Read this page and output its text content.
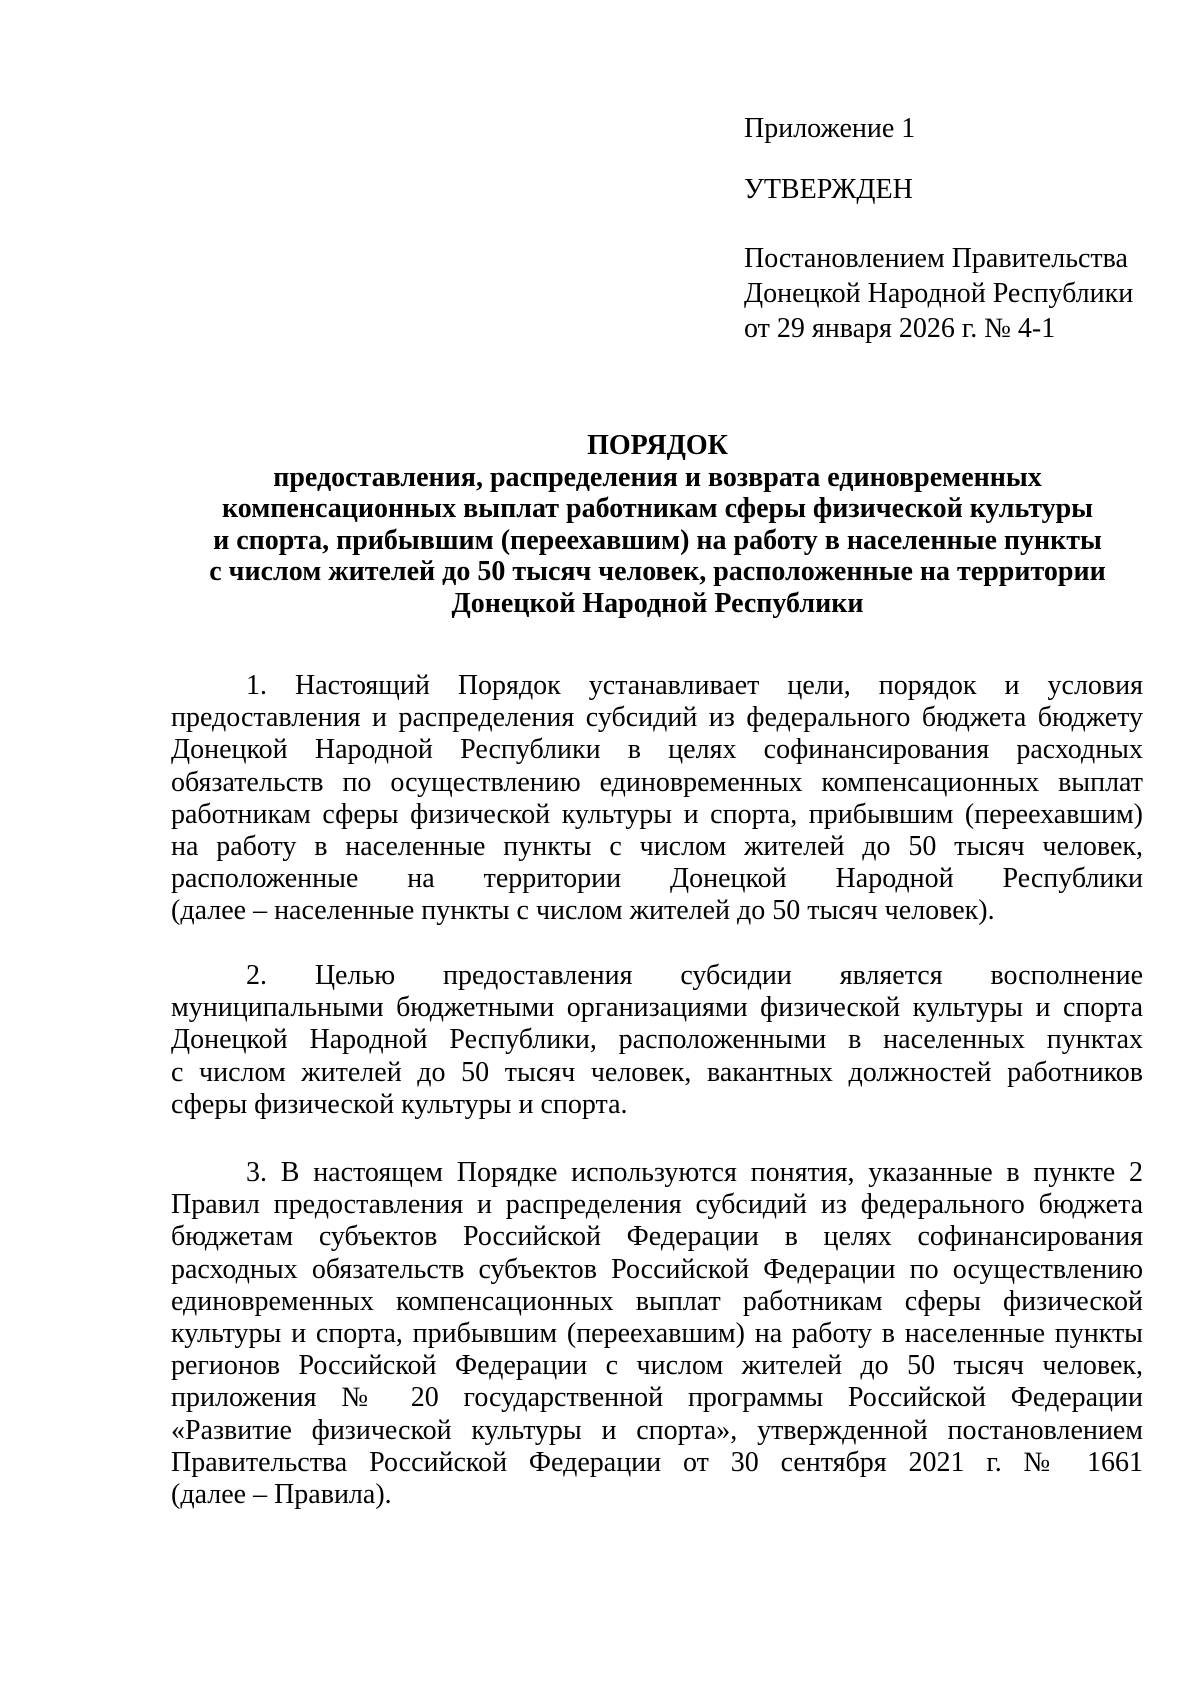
Приложение 1
УТВЕРЖДЕН
Постановлением Правительства
Донецкой Народной Республики
от 29 января 2026 г. № 4-1
ПОРЯДОК
предоставления, распределения и возврата единовременных
компенсационных выплат работникам сферы физической культуры
и спорта, прибывшим (переехавшим) на работу в населенные пункты
с числом жителей до 50 тысяч человек, расположенные на территории
Донецкой Народной Республики
1. Настоящий Порядок устанавливает цели, порядок и условия
предоставления и распределения субсидий из федерального бюджета бюджету
Донецкой Народной Республики в целях софинансирования расходных
обязательств по осуществлению единовременных компенсационных выплат
работникам сферы физической культуры и спорта, прибывшим (переехавшим)
на работу в населенные пункты с числом жителей до 50 тысяч человек,
расположенные на территории Донецкой Народной Республики
(далее – населенные пункты с числом жителей до 50 тысяч человек).
2. Целью предоставления субсидии является восполнение
муниципальными бюджетными организациями физической культуры и спорта
Донецкой Народной Республики, расположенными в населенных пунктах
с числом жителей до 50 тысяч человек, вакантных должностей работников
сферы физической культуры и спорта.
3. В настоящем Порядке используются понятия, указанные в пункте 2
Правил предоставления и распределения субсидий из федерального бюджета
бюджетам субъектов Российской Федерации в целях софинансирования
расходных обязательств субъектов Российской Федерации по осуществлению
единовременных компенсационных выплат работникам сферы физической
культуры и спорта, прибывшим (переехавшим) на работу в населенные пункты
регионов Российской Федерации с числом жителей до 50 тысяч человек,
приложения № 20 государственной программы Российской Федерации
«Развитие физической культуры и спорта», утвержденной постановлением
Правительства Российской Федерации от 30 сентября 2021 г. № 1661
(далее – Правила).
